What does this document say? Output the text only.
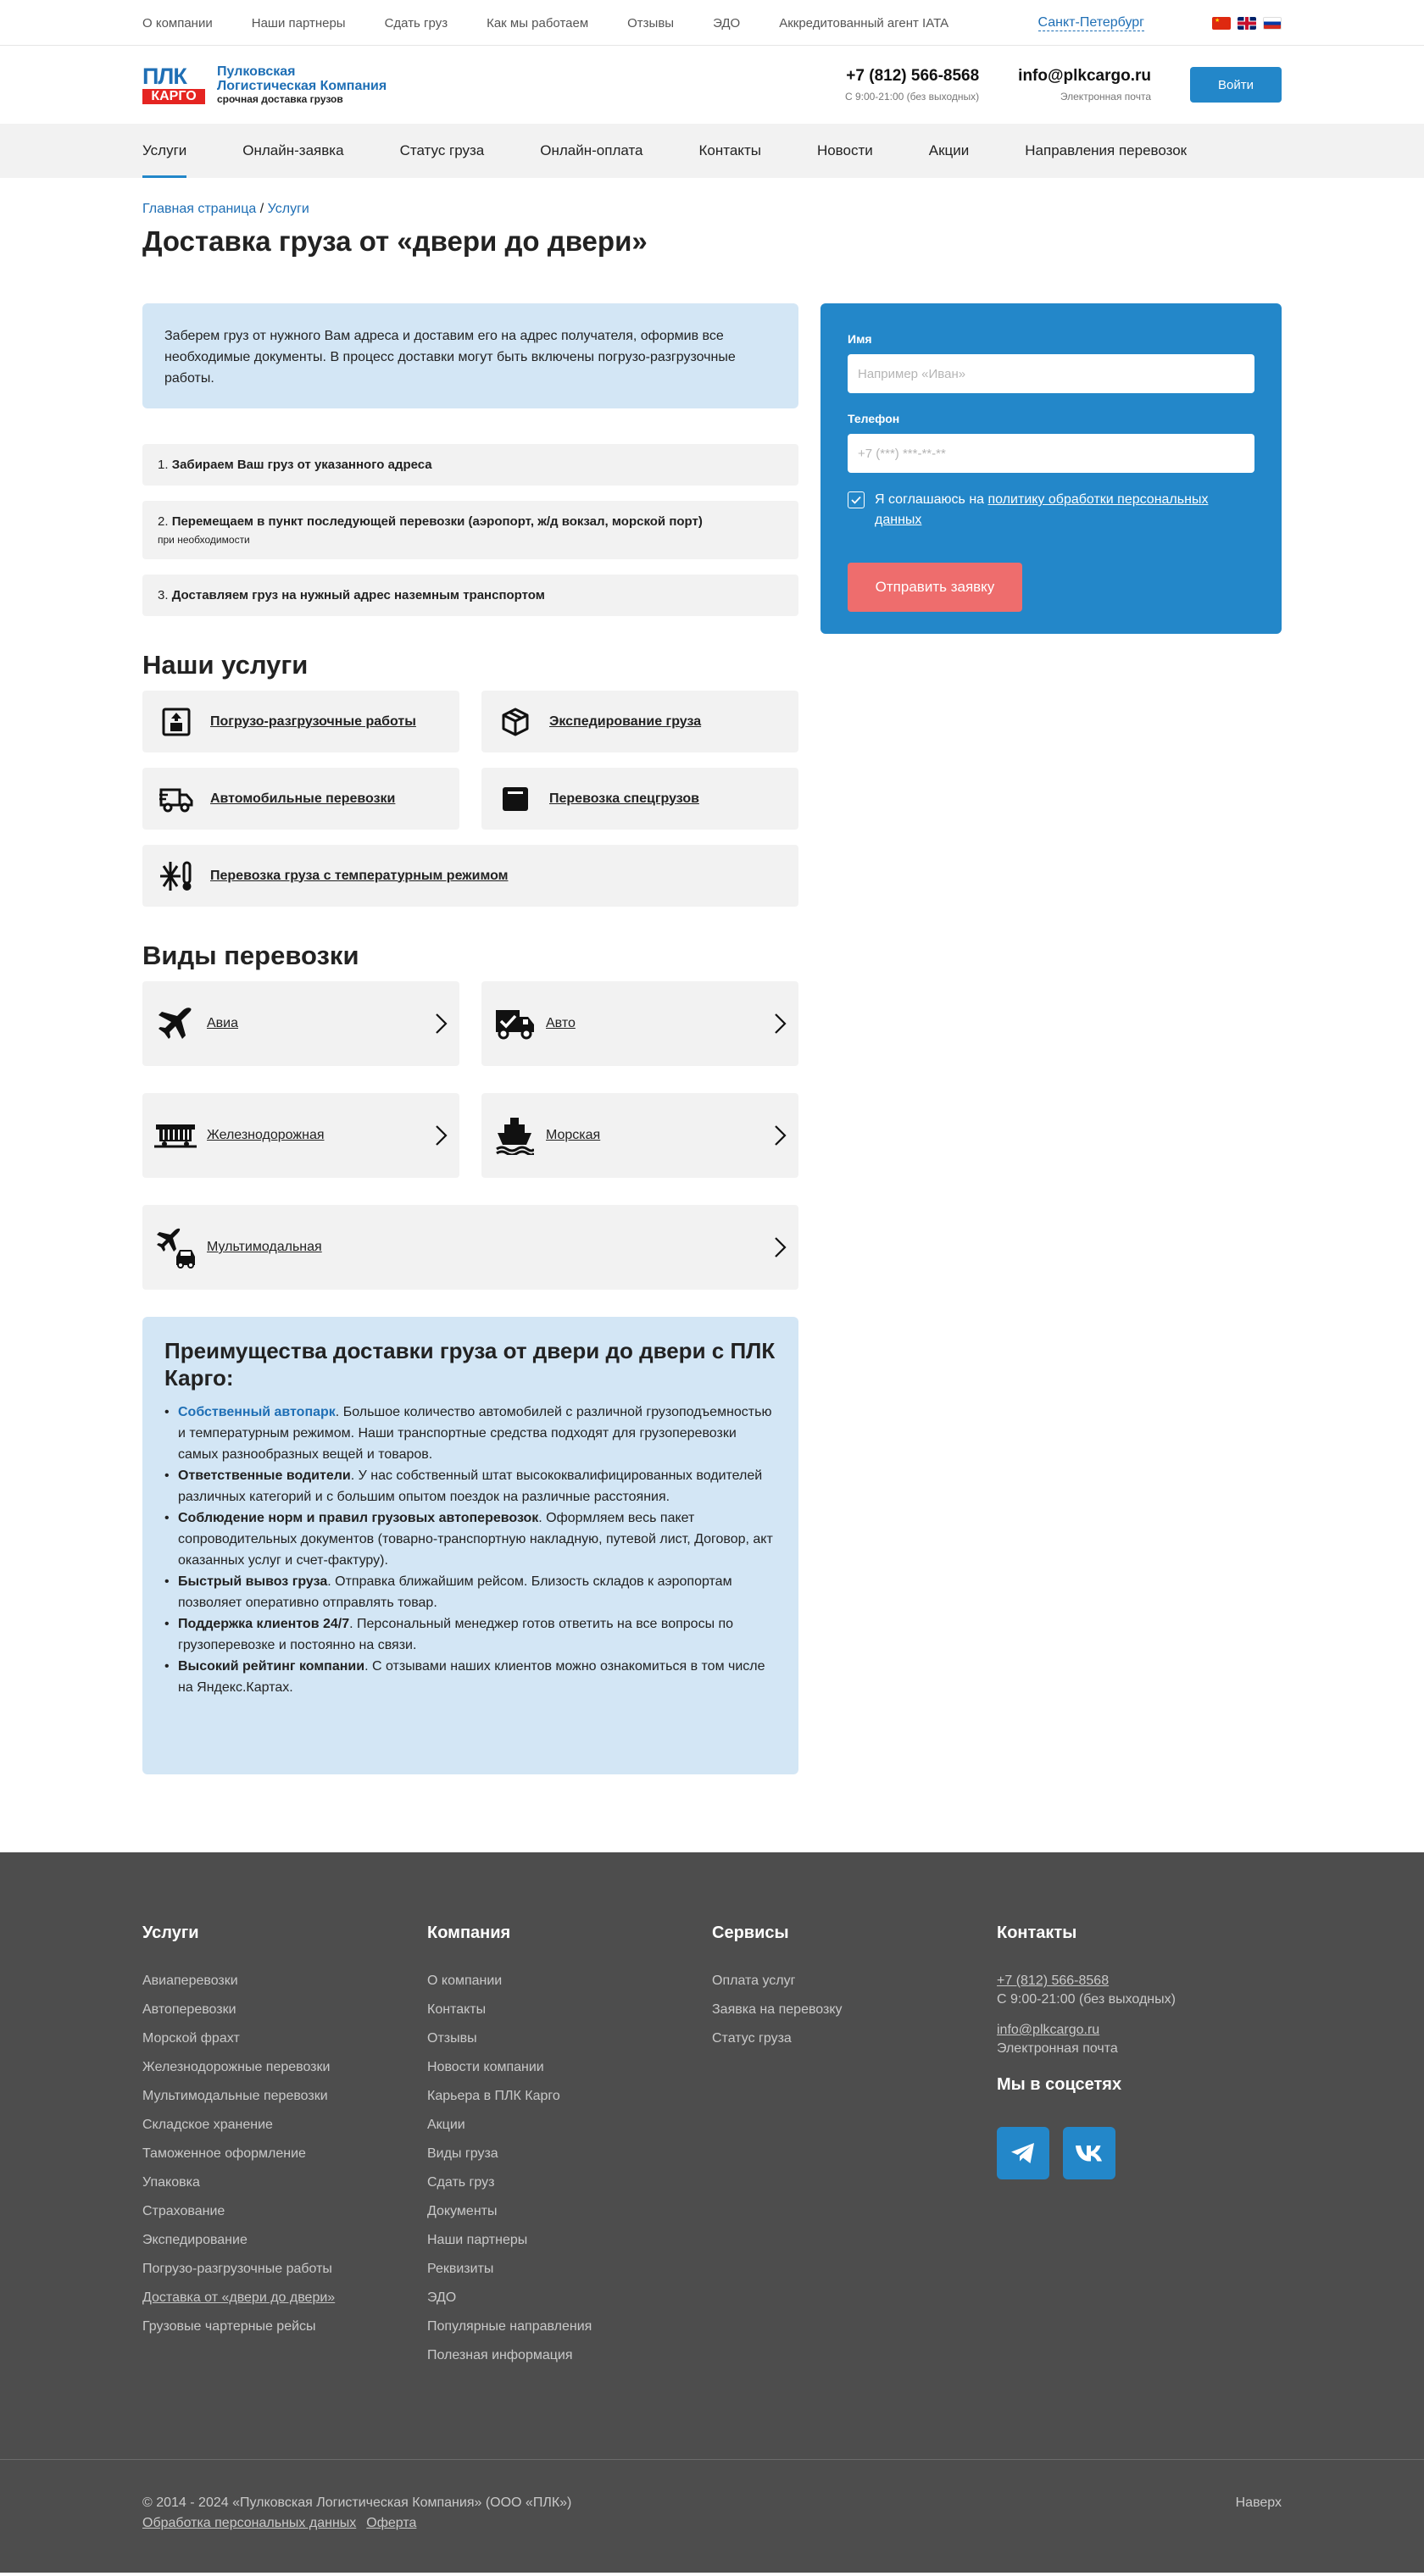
О компании	Наши партнеры	Сдать груз	Как мы работаем	Отзывы	ЭДО	Аккредитованный агент IATA	Санкт-Петербург
★
ПЛК
КАРГО
Пулковская
Логистическая Компания
срочная доставка грузов
+7 (812) 566-8568
С 9:00-21:00 (без выходных)
info@plkcargo.ru
Электронная почта
Войти
Услуги	Онлайн-заявка	Статус груза	Онлайн-оплата	Контакты	Новости	Акции	Направления перевозок
Главная страница / Услуги
Доставка груза от «двери до двери»
Заберем груз от нужного Вам адреса и доставим его на адрес получателя, оформив все необходимые документы. В процесс доставки могут быть включены погрузо-разгрузочные работы.
1. Забираем Ваш груз от указанного адреса
2. Перемещаем в пункт последующей перевозки (аэропорт, ж/д вокзал, морской порт)
при необходимости
3. Доставляем груз на нужный адрес наземным транспортом
Наши услуги
Погрузо-разгрузочные работы	Экспедирование груза
Автомобильные перевозки	Перевозка спецгрузов
Перевозка груза с температурным режимом
Виды перевозки
Авиа	Авто
Железнодорожная	Морская
Мультимодальная
Преимущества доставки груза от двери до двери с ПЛК Карго:
• Собственный автопарк. Большое количество автомобилей с различной грузоподъемностью и температурным режимом. Наши транспортные средства подходят для грузоперевозки самых разнообразных вещей и товаров.
• Ответственные водители. У нас собственный штат высококвалифицированных водителей различных категорий и с большим опытом поездок на различные расстояния.
• Соблюдение норм и правил грузовых автоперевозок. Оформляем весь пакет сопроводительных документов (товарно-транспортную накладную, путевой лист, Договор, акт оказанных услуг и счет-фактуру).
• Быстрый вывоз груза. Отправка ближайшим рейсом. Близость складов к аэропортам позволяет оперативно отправлять товар.
• Поддержка клиентов 24/7. Персональный менеджер готов ответить на все вопросы по грузоперевозке и постоянно на связи.
• Высокий рейтинг компании. С отзывами наших клиентов можно ознакомиться в том числе на Яндекс.Картах.
Имя
Например «Иван»
Телефон
+7 (***) ***-**-**
Я соглашаюсь на политику обработки персональных данных
Отправить заявку
Услуги
Авиаперевозки
Автоперевозки
Морской фрахт
Железнодорожные перевозки
Мультимодальные перевозки
Складское хранение
Таможенное оформление
Упаковка
Страхование
Экспедирование
Погрузо-разгрузочные работы
Доставка от «двери до двери»
Грузовые чартерные рейсы
Компания
О компании
Контакты
Отзывы
Новости компании
Карьера в ПЛК Карго
Акции
Виды груза
Сдать груз
Документы
Наши партнеры
Реквизиты
ЭДО
Популярные направления
Полезная информация
Сервисы
Оплата услуг
Заявка на перевозку
Статус груза
Контакты
+7 (812) 566-8568
С 9:00-21:00 (без выходных)
info@plkcargo.ru
Электронная почта
Мы в соцсетях
© 2014 - 2024 «Пулковская Логистическая Компания» (ООО «ПЛК»)
Обработка персональных данных Оферта
Наверх
